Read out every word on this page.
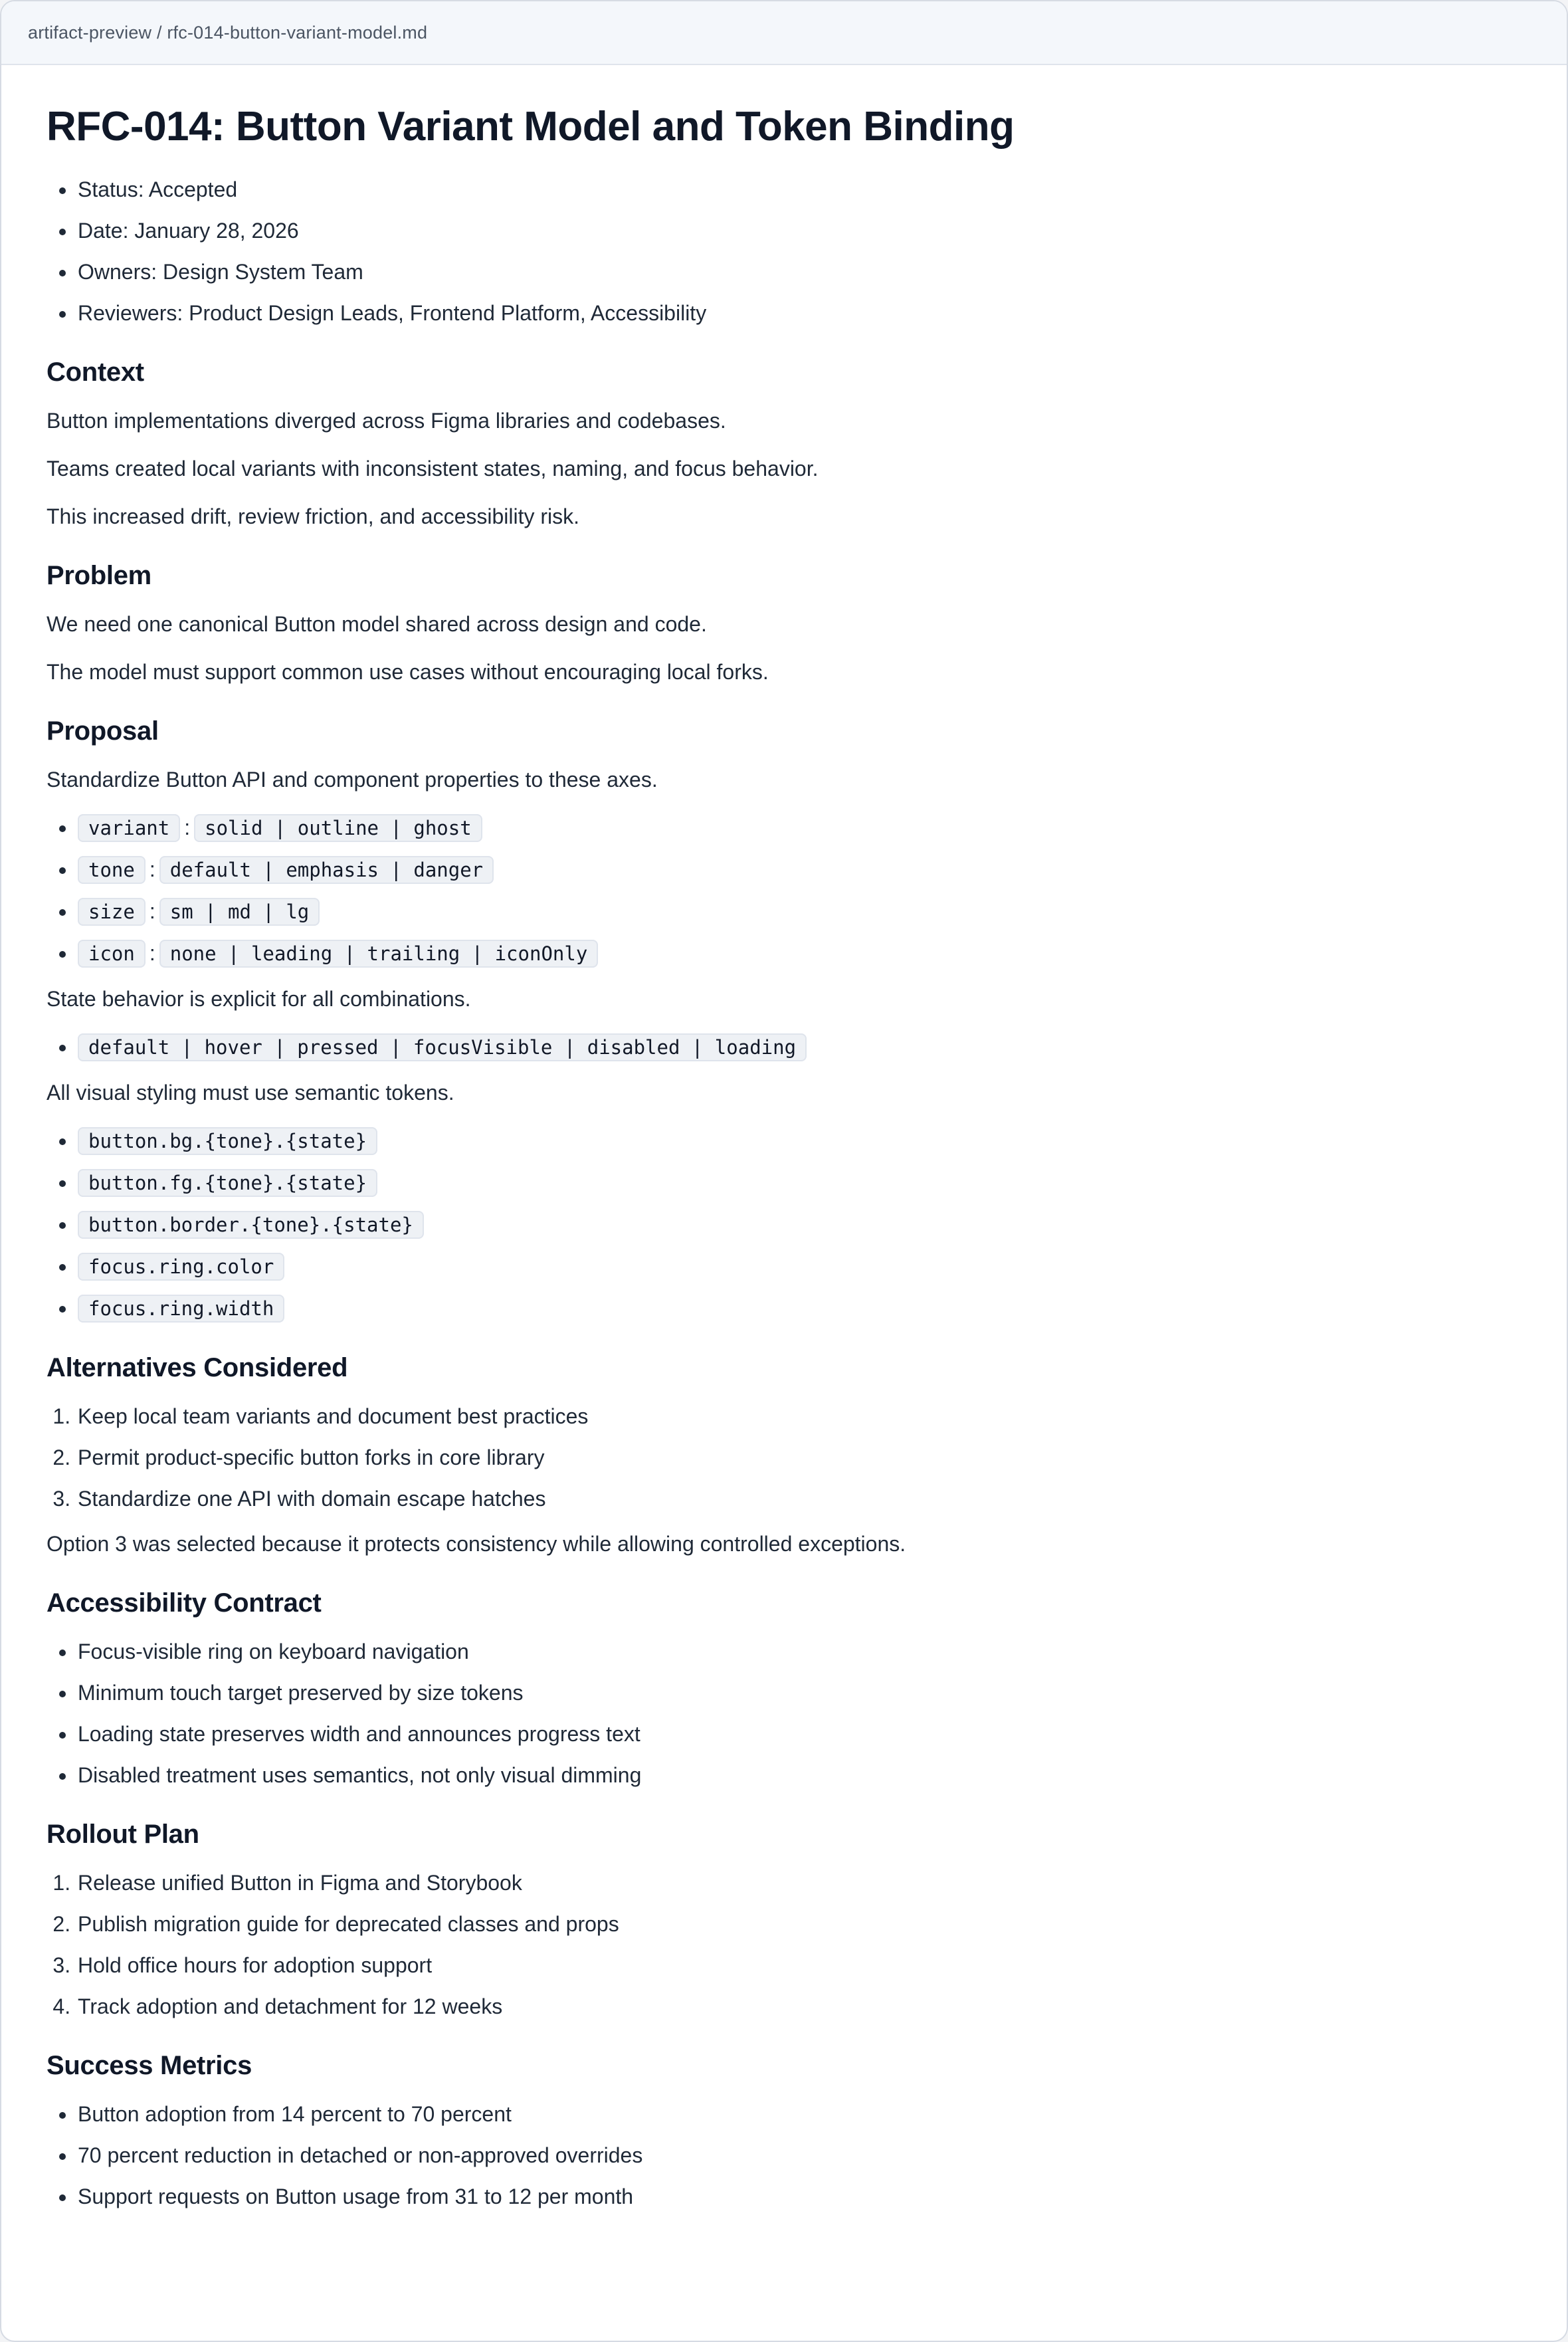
artifact-preview / rfc-014-button-variant-model.md
RFC-014: Button Variant Model and Token Binding
• Status: Accepted
• Date: January 28, 2026
• Owners: Design System Team
• Reviewers: Product Design Leads, Frontend Platform, Accessibility
Context

Button implementations diverged across Figma libraries and codebases.

Teams created local variants with inconsistent states, naming, and focus behavior.

This increased drift, review friction, and accessibility risk.

Problem

We need one canonical Button model shared across design and code.

The model must support common use cases without encouraging local forks.

Proposal

Standardize Button API and component properties to these axes.

• variant : solid | outline | ghost
• tone : default | emphasis | danger
• size : sm | md | lg
• icon : none | leading | trailing | iconOnly

State behavior is explicit for all combinations.

• default | hover | pressed | focusVisible | disabled | loading

All visual styling must use semantic tokens.

• button.bg.{tone}.{state}
• button.fg.{tone}.{state}
• button.border.{tone}.{state}
• focus.ring.color
• focus.ring.width
Alternatives Considered
1. Keep local team variants and document best practices
2. Permit product-specific button forks in core library
3. Standardize one API with domain escape hatches

Option 3 was selected because it protects consistency while allowing controlled exceptions.

Accessibility Contract
• Focus-visible ring on keyboard navigation
• Minimum touch target preserved by size tokens
• Loading state preserves width and announces progress text
• Disabled treatment uses semantics, not only visual dimming
Rollout Plan
1. Release unified Button in Figma and Storybook
2. Publish migration guide for deprecated classes and props
3. Hold office hours for adoption support
4. Track adoption and detachment for 12 weeks
Success Metrics
• Button adoption from 14 percent to 70 percent
• 70 percent reduction in detached or non-approved overrides
• Support requests on Button usage from 31 to 12 per month
